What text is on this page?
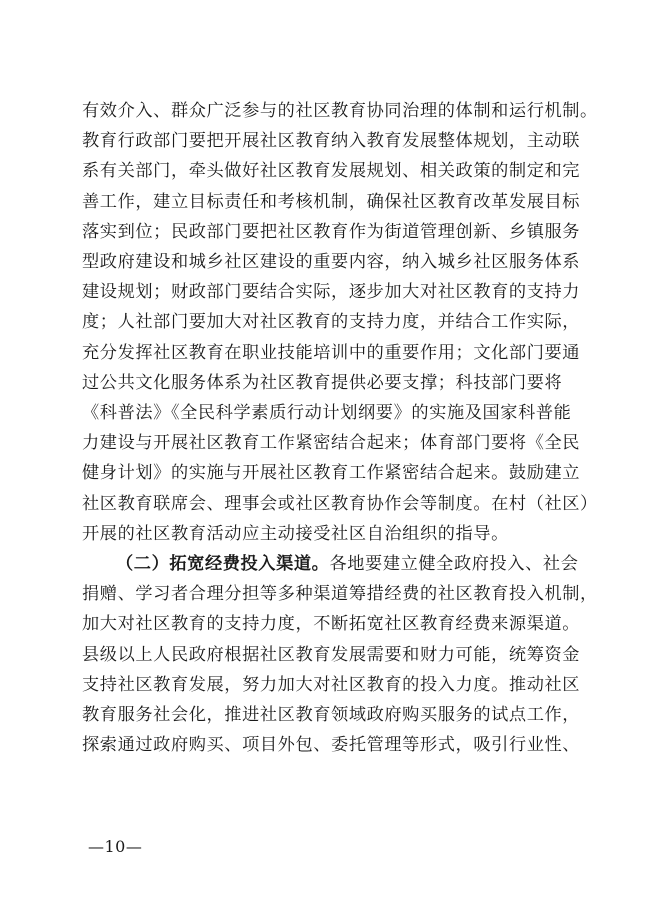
有效介入、群众广泛参与的社区教育协同治理的体制和运行机制。
教育行政部门要把开展社区教育纳入教育发展整体规划，主动联
系有关部门，牵头做好社区教育发展规划、相关政策的制定和完
善工作，建立目标责任和考核机制，确保社区教育改革发展目标
落实到位；民政部门要把社区教育作为街道管理创新、乡镇服务
型政府建设和城乡社区建设的重要内容，纳入城乡社区服务体系
建设规划；财政部门要结合实际，逐步加大对社区教育的支持力
度；人社部门要加大对社区教育的支持力度，并结合工作实际，
充分发挥社区教育在职业技能培训中的重要作用；文化部门要通
过公共文化服务体系为社区教育提供必要支撑；科技部门要将
《科普法》《全民科学素质行动计划纲要》的实施及国家科普能
力建设与开展社区教育工作紧密结合起来；体育部门要将《全民
健身计划》的实施与开展社区教育工作紧密结合起来。鼓励建立
社区教育联席会、理事会或社区教育协作会等制度。在村（社区）
开展的社区教育活动应主动接受社区自治组织的指导。
（二）拓宽经费投入渠道。各地要建立健全政府投入、社会
捐赠、学习者合理分担等多种渠道筹措经费的社区教育投入机制，
加大对社区教育的支持力度，不断拓宽社区教育经费来源渠道。
县级以上人民政府根据社区教育发展需要和财力可能，统筹资金
支持社区教育发展，努力加大对社区教育的投入力度。推动社区
教育服务社会化，推进社区教育领域政府购买服务的试点工作，
探索通过政府购买、项目外包、委托管理等形式，吸引行业性、
—10—
